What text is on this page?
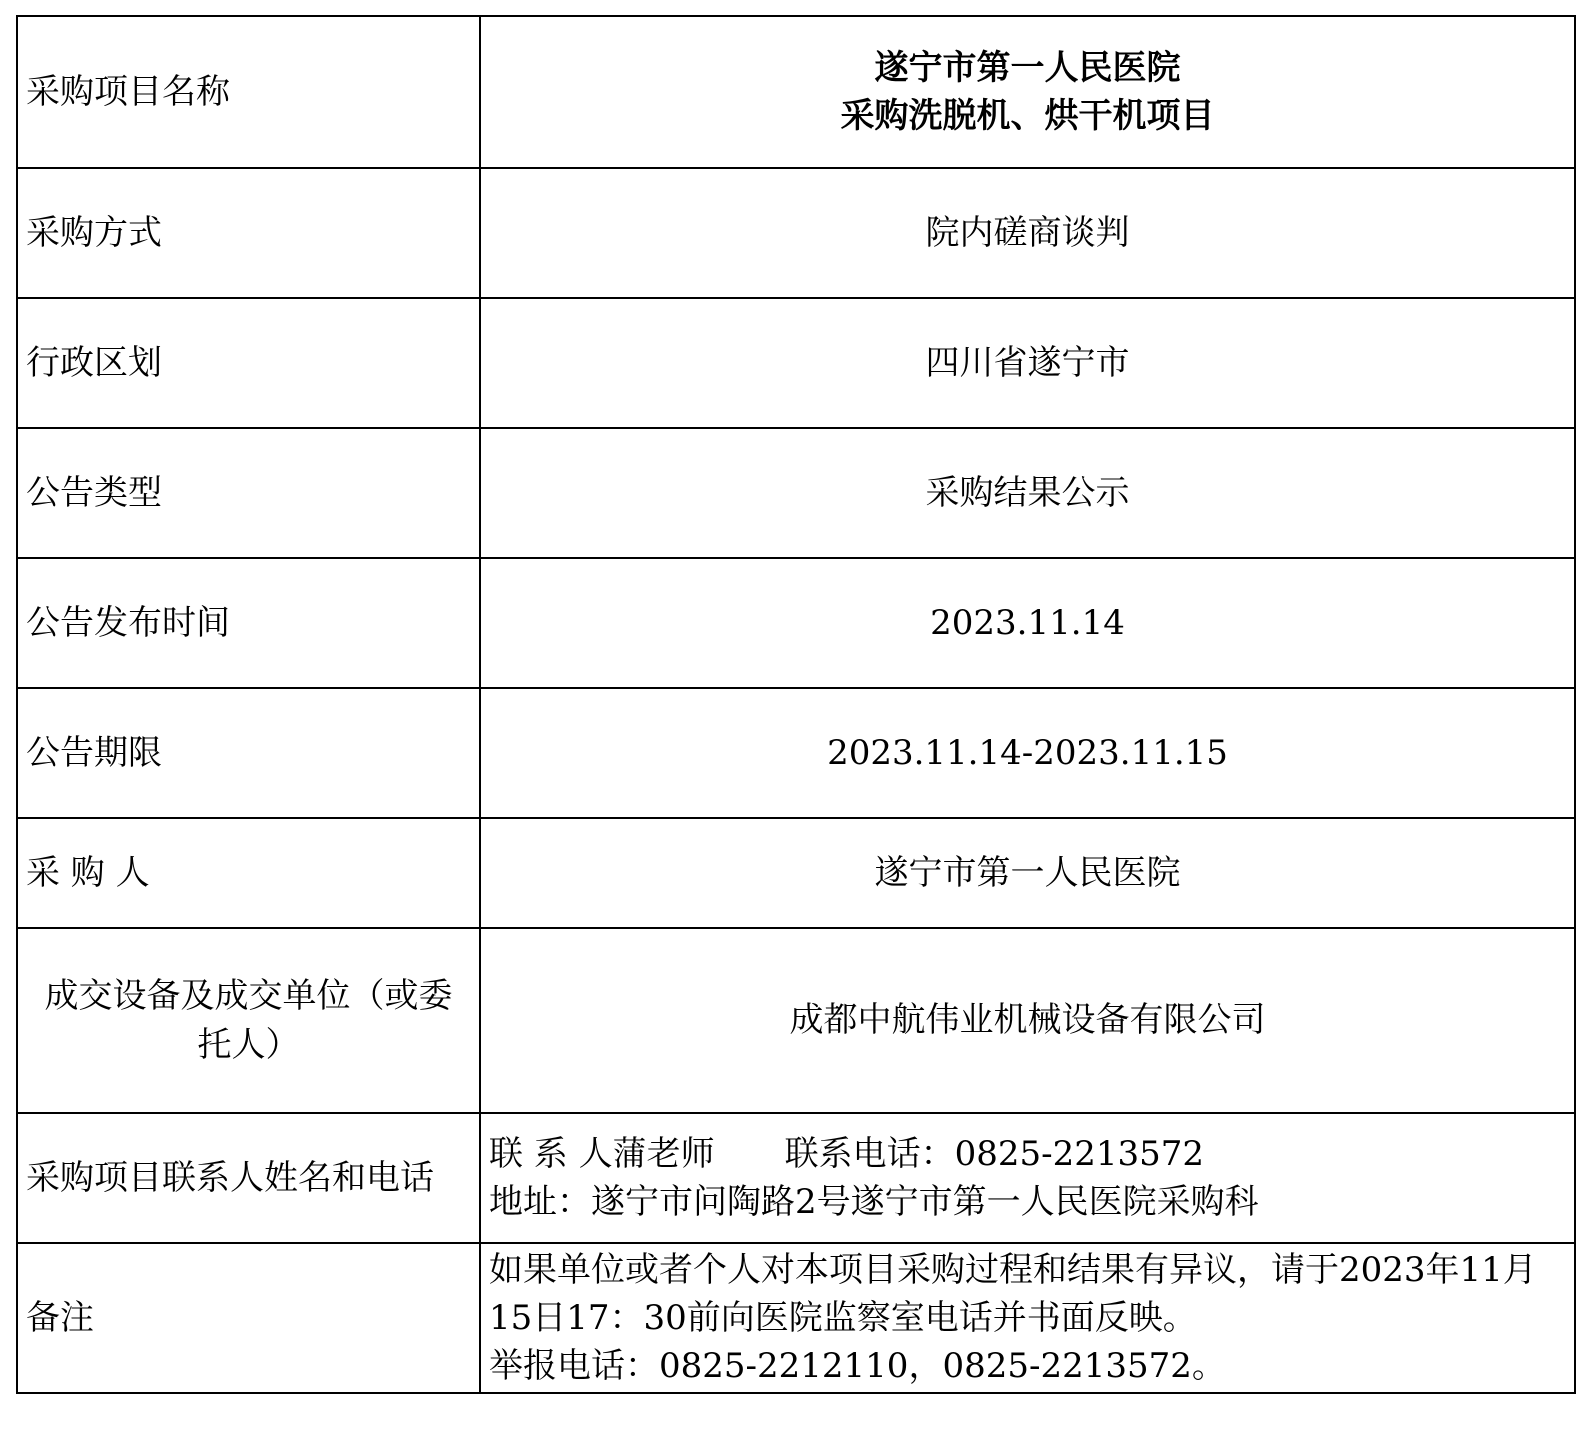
采购项目名称	遂宁市第一人民医院
采购洗脱机、烘干机项目

采购方式	院内磋商谈判
行政区划	四川省遂宁市
公告类型	采购结果公示
公告发布时间	2023.11.14
公告期限	2023.11.14-2023.11.15
采 购 人	遂宁市第一人民医院

成交设备及成交单位（或委
托人）	成都中航伟业机械设备有限公司
采购项目联系人姓名和电话	联 系 人蒲老师 联系电话：0825-2213572
地址：遂宁市问陶路2号遂宁市第一人民医院采购科

备注	如果单位或者个人对本项目采购过程和结果有异议，请于2023年11月
15日17：30前向医院监察室电话并书面反映。
举报电话：0825-2212110，0825-2213572。
